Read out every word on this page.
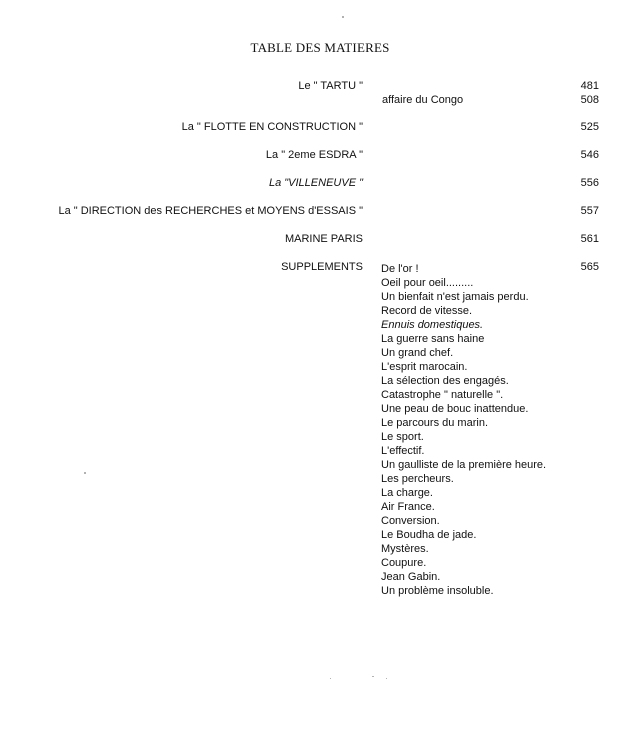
TABLE DES MATIERES
Le " TARTU "	481
affaire du Congo	508
La " FLOTTE EN CONSTRUCTION "	525
La " 2eme ESDRA "	546
La "VILLENEUVE "	556
La " DIRECTION des RECHERCHES et MOYENS d'ESSAIS "	557
MARINE PARIS	561
SUPPLEMENTS	565
De l'or !
Oeil pour oeil.........
Un bienfait n'est jamais perdu.
Record de vitesse.
Ennuis domestiques.
La guerre sans haine
Un grand chef.
L'esprit marocain.
La sélection des engagés.
Catastrophe " naturelle ".
Une peau de bouc inattendue.
Le parcours du marin.
Le sport.
L'effectif.
Un gaulliste de la première heure.
Les percheurs.
La charge.
Air France.
Conversion.
Le Boudha de jade.
Mystères.
Coupure.
Jean Gabin.
Un problème insoluble.
